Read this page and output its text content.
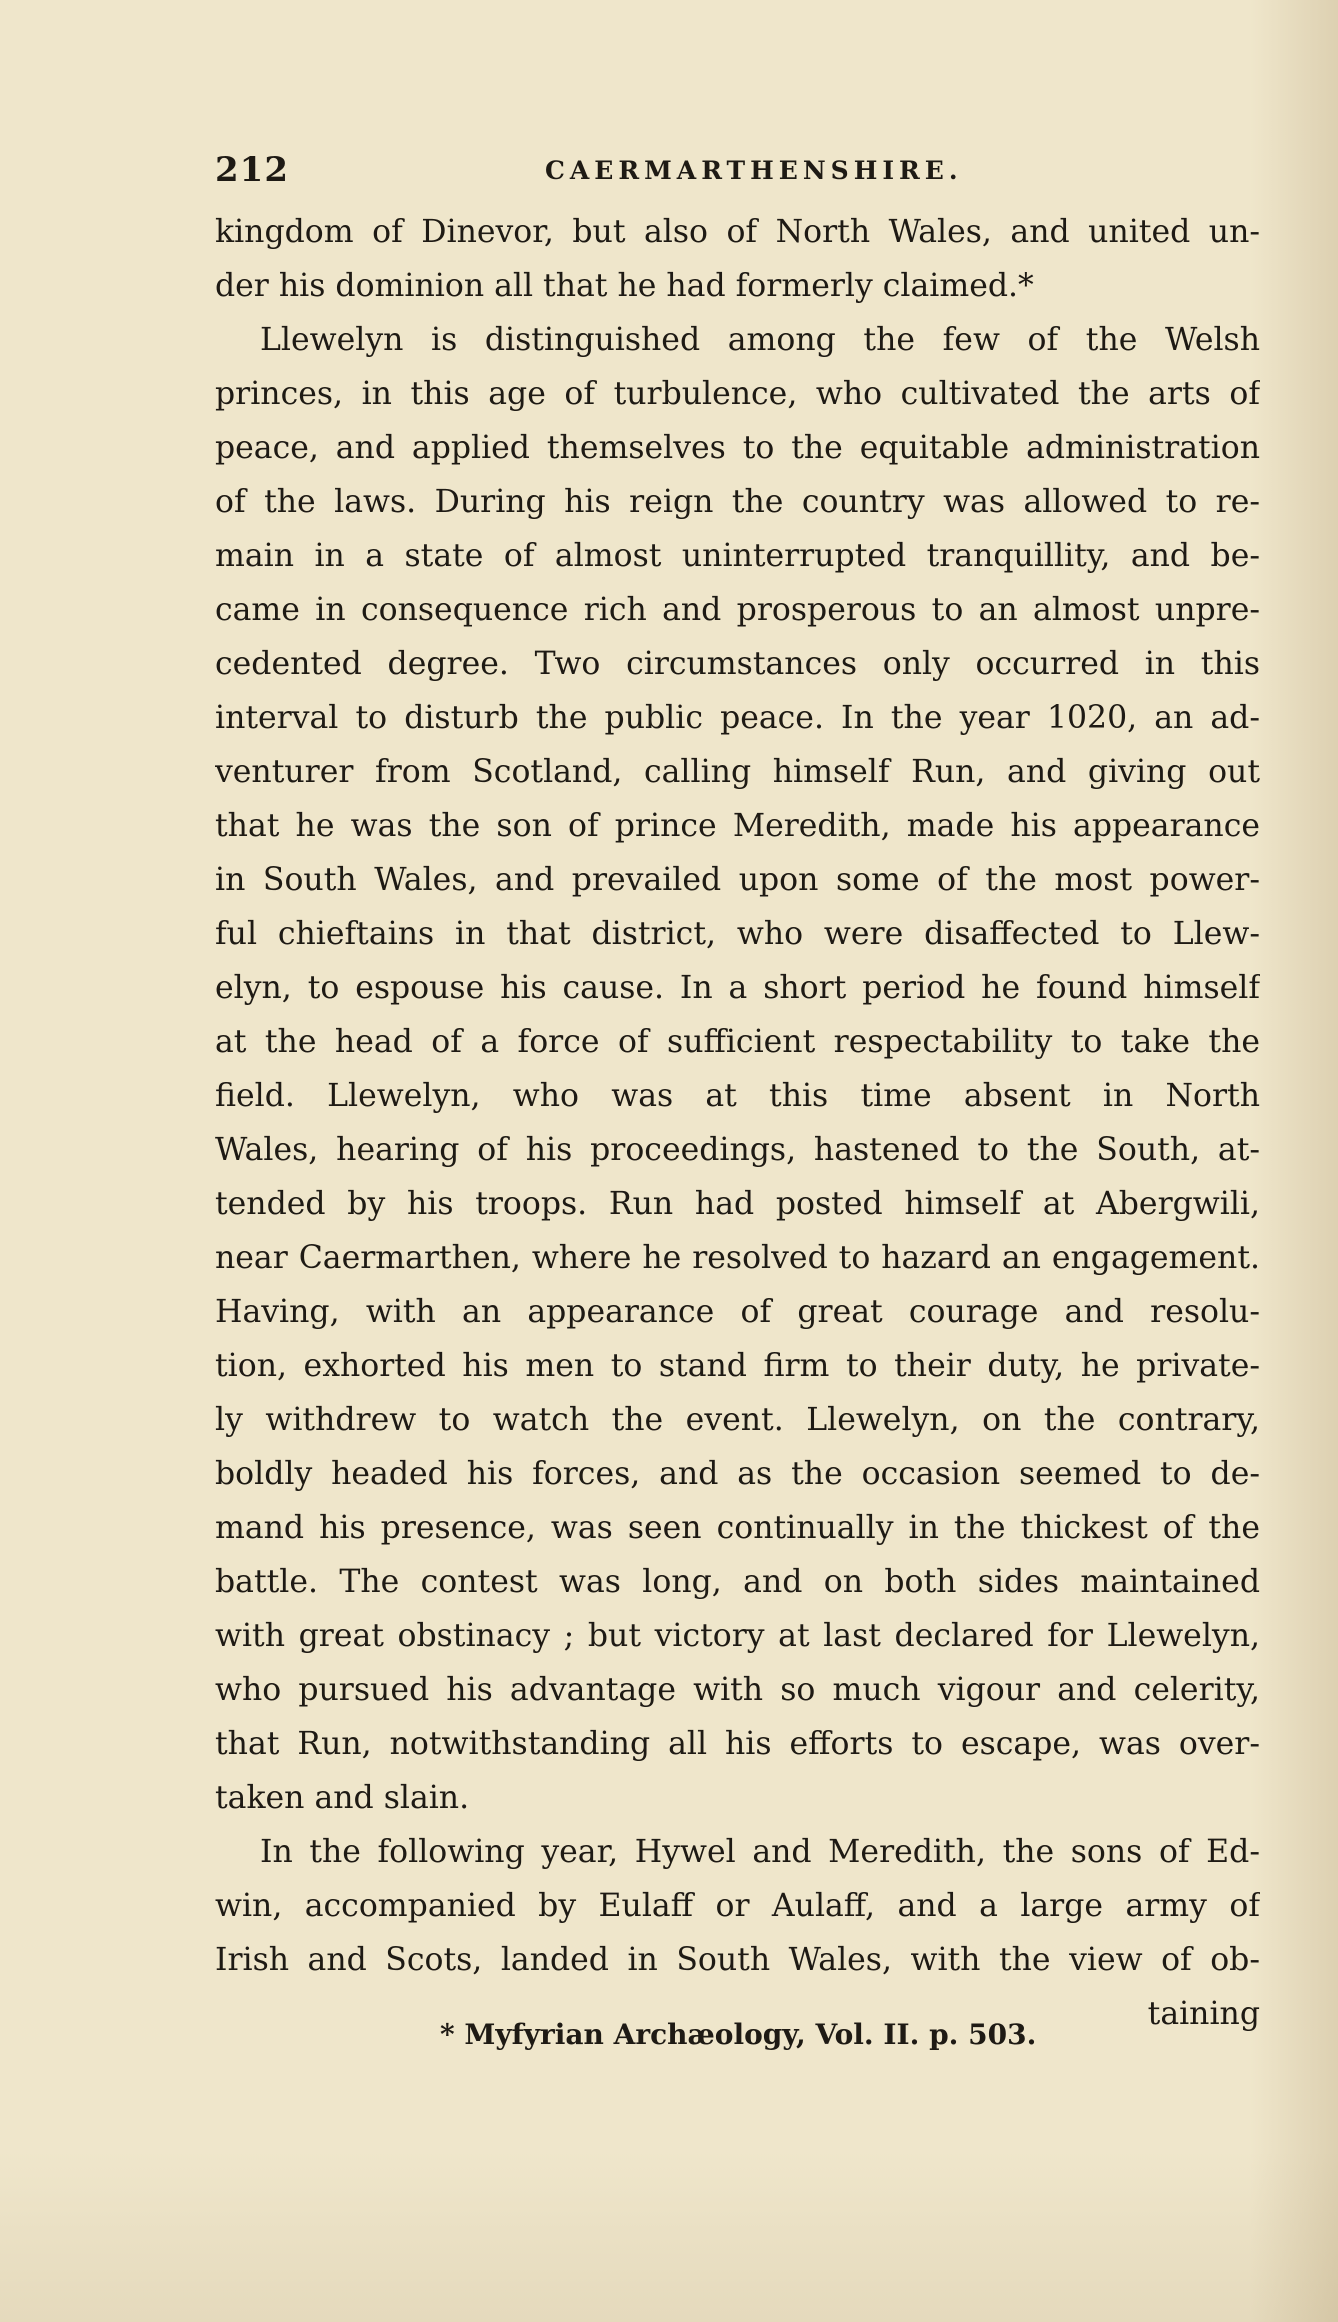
212	CAERMARTHENSHIRE.
kingdom of Dinevor, but also of North Wales, and united un-
der his dominion all that he had formerly claimed.*
Llewelyn is distinguished among the few of the Welsh
princes, in this age of turbulence, who cultivated the arts of
peace, and applied themselves to the equitable administration
of the laws. During his reign the country was allowed to re-
main in a state of almost uninterrupted tranquillity, and be-
came in consequence rich and prosperous to an almost unpre-
cedented degree. Two circumstances only occurred in this
interval to disturb the public peace. In the year 1020, an ad-
venturer from Scotland, calling himself Run, and giving out
that he was the son of prince Meredith, made his appearance
in South Wales, and prevailed upon some of the most power-
ful chieftains in that district, who were disaffected to Llew-
elyn, to espouse his cause. In a short period he found himself
at the head of a force of sufficient respectability to take the
field. Llewelyn, who was at this time absent in North
Wales, hearing of his proceedings, hastened to the South, at-
tended by his troops. Run had posted himself at Abergwili,
near Caermarthen, where he resolved to hazard an engagement.
Having, with an appearance of great courage and resolu-
tion, exhorted his men to stand firm to their duty, he private-
ly withdrew to watch the event. Llewelyn, on the contrary,
boldly headed his forces, and as the occasion seemed to de-
mand his presence, was seen continually in the thickest of the
battle. The contest was long, and on both sides maintained
with great obstinacy ; but victory at last declared for Llewelyn,
who pursued his advantage with so much vigour and celerity,
that Run, notwithstanding all his efforts to escape, was over-
taken and slain.
In the following year, Hywel and Meredith, the sons of Ed-
win, accompanied by Eulaff or Aulaff, and a large army of
Irish and Scots, landed in South Wales, with the view of ob-
taining
* Myfyrian Archæology, Vol. II. p. 503.
